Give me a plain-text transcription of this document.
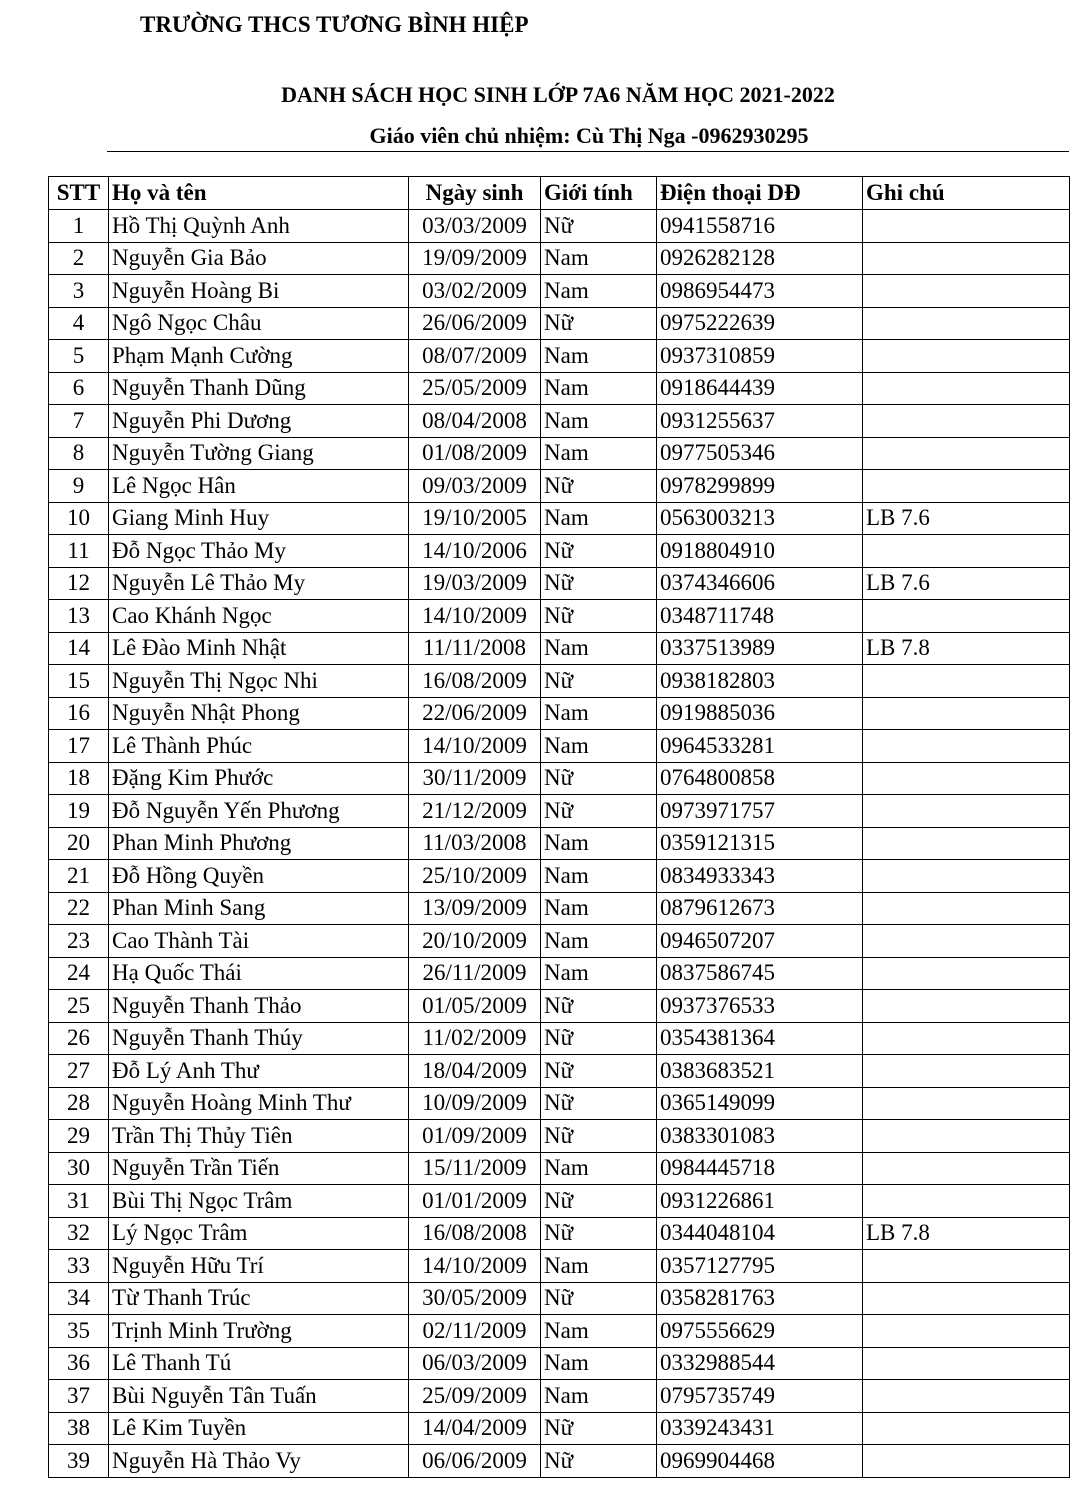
TRƯỜNG THCS TƯƠNG BÌNH HIỆP
DANH SÁCH HỌC SINH LỚP 7A6 NĂM HỌC 2021-2022
Giáo viên chủ nhiệm: Cù Thị Nga -0962930295
STT	Họ và tên	Ngày sinh	Giới tính	Điện thoại DĐ	Ghi chú
1	Hồ Thị Quỳnh Anh	03/03/2009	Nữ	0941558716	
2	Nguyễn Gia Bảo	19/09/2009	Nam	0926282128	
3	Nguyễn Hoàng Bi	03/02/2009	Nam	0986954473	
4	Ngô Ngọc Châu	26/06/2009	Nữ	0975222639	
5	Phạm Mạnh Cường	08/07/2009	Nam	0937310859	
6	Nguyễn Thanh Dũng	25/05/2009	Nam	0918644439	
7	Nguyễn Phi Dương	08/04/2008	Nam	0931255637	
8	Nguyễn Tường Giang	01/08/2009	Nam	0977505346	
9	Lê Ngọc Hân	09/03/2009	Nữ	0978299899	
10	Giang Minh Huy	19/10/2005	Nam	0563003213	LB 7.6
11	Đỗ Ngọc Thảo My	14/10/2006	Nữ	0918804910	
12	Nguyễn Lê Thảo My	19/03/2009	Nữ	0374346606	LB 7.6
13	Cao Khánh Ngọc	14/10/2009	Nữ	0348711748	
14	Lê Đào Minh Nhật	11/11/2008	Nam	0337513989	LB 7.8
15	Nguyễn Thị Ngọc Nhi	16/08/2009	Nữ	0938182803	
16	Nguyễn Nhật Phong	22/06/2009	Nam	0919885036	
17	Lê Thành Phúc	14/10/2009	Nam	0964533281	
18	Đặng Kim Phước	30/11/2009	Nữ	0764800858	
19	Đỗ Nguyễn Yến Phương	21/12/2009	Nữ	0973971757	
20	Phan Minh Phương	11/03/2008	Nam	0359121315	
21	Đỗ Hồng Quyền	25/10/2009	Nam	0834933343	
22	Phan Minh Sang	13/09/2009	Nam	0879612673	
23	Cao Thành Tài	20/10/2009	Nam	0946507207	
24	Hạ Quốc Thái	26/11/2009	Nam	0837586745	
25	Nguyễn Thanh Thảo	01/05/2009	Nữ	0937376533	
26	Nguyễn Thanh Thúy	11/02/2009	Nữ	0354381364	
27	Đỗ Lý Anh Thư	18/04/2009	Nữ	0383683521	
28	Nguyễn Hoàng Minh Thư	10/09/2009	Nữ	0365149099	
29	Trần Thị Thủy Tiên	01/09/2009	Nữ	0383301083	
30	Nguyễn Trần Tiến	15/11/2009	Nam	0984445718	
31	Bùi Thị Ngọc Trâm	01/01/2009	Nữ	0931226861	
32	Lý Ngọc Trâm	16/08/2008	Nữ	0344048104	LB 7.8
33	Nguyễn Hữu Trí	14/10/2009	Nam	0357127795	
34	Từ Thanh Trúc	30/05/2009	Nữ	0358281763	
35	Trịnh Minh Trường	02/11/2009	Nam	0975556629	
36	Lê Thanh Tú	06/03/2009	Nam	0332988544	
37	Bùi Nguyễn Tân Tuấn	25/09/2009	Nam	0795735749	
38	Lê Kim Tuyền	14/04/2009	Nữ	0339243431	
39	Nguyễn Hà Thảo Vy	06/06/2009	Nữ	0969904468	
